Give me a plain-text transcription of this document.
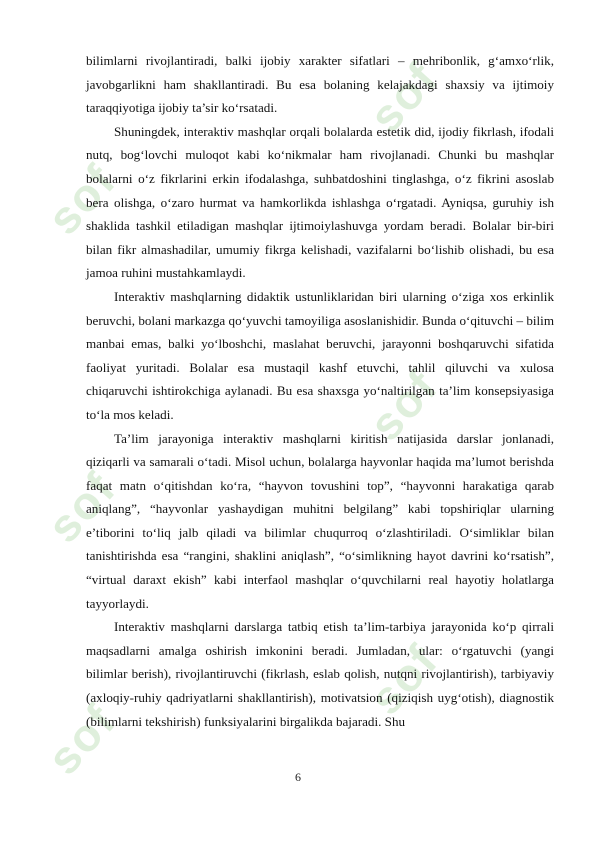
sof
sof
sof
sof
sof
sof

bilimlarni rivojlantiradi, balki ijobiy xarakter sifatlari – mehribonlik, g‘amxo‘rlik, javobgarlikni ham shakllantiradi. Bu esa bolaning kelajakdagi shaxsiy va ijtimoiy taraqqiyotiga ijobiy ta’sir ko‘rsatadi.

Shuningdek, interaktiv mashqlar orqali bolalarda estetik did, ijodiy fikrlash, ifodali nutq, bog‘lovchi muloqot kabi ko‘nikmalar ham rivojlanadi. Chunki bu mashqlar bolalarni o‘z fikrlarini erkin ifodalashga, suhbatdoshini tinglashga, o‘z fikrini asoslab bera olishga, o‘zaro hurmat va hamkorlikda ishlashga o‘rgatadi. Ayniqsa, guruhiy ish shaklida tashkil etiladigan mashqlar ijtimoiylashuvga yordam beradi. Bolalar bir-biri bilan fikr almashadilar, umumiy fikrga kelishadi, vazifalarni bo‘lishib olishadi, bu esa jamoa ruhini mustahkamlaydi.

Interaktiv mashqlarning didaktik ustunliklaridan biri ularning o‘ziga xos erkinlik beruvchi, bolani markazga qo‘yuvchi tamoyiliga asoslanishidir. Bunda o‘qituvchi – bilim manbai emas, balki yo‘lboshchi, maslahat beruvchi, jarayonni boshqaruvchi sifatida faoliyat yuritadi. Bolalar esa mustaqil kashf etuvchi, tahlil qiluvchi va xulosa chiqaruvchi ishtirokchiga aylanadi. Bu esa shaxsga yo‘naltirilgan ta’lim konsepsiyasiga to‘la mos keladi.

Ta’lim jarayoniga interaktiv mashqlarni kiritish natijasida darslar jonlanadi, qiziqarli va samarali o‘tadi. Misol uchun, bolalarga hayvonlar haqida ma’lumot berishda faqat matn o‘qitishdan ko‘ra, “hayvon tovushini top”, “hayvonni harakatiga qarab aniqlang”, “hayvonlar yashaydigan muhitni belgilang” kabi topshiriqlar ularning e’tiborini to‘liq jalb qiladi va bilimlar chuqurroq o‘zlashtiriladi. O‘simliklar bilan tanishtirishda esa “rangini, shaklini aniqlash”, “o‘simlikning hayot davrini ko‘rsatish”, “virtual daraxt ekish” kabi interfaol mashqlar o‘quvchilarni real hayotiy holatlarga tayyorlaydi.

Interaktiv mashqlarni darslarga tatbiq etish ta’lim-tarbiya jarayonida ko‘p qirrali maqsadlarni amalga oshirish imkonini beradi. Jumladan, ular: o‘rgatuvchi (yangi bilimlar berish), rivojlantiruvchi (fikrlash, eslab qolish, nutqni rivojlantirish), tarbiyaviy (axloqiy-ruhiy qadriyatlarni shakllantirish), motivatsion (qiziqish uyg‘otish), diagnostik (bilimlarni tekshirish) funksiyalarini birgalikda bajaradi. Shu

6
